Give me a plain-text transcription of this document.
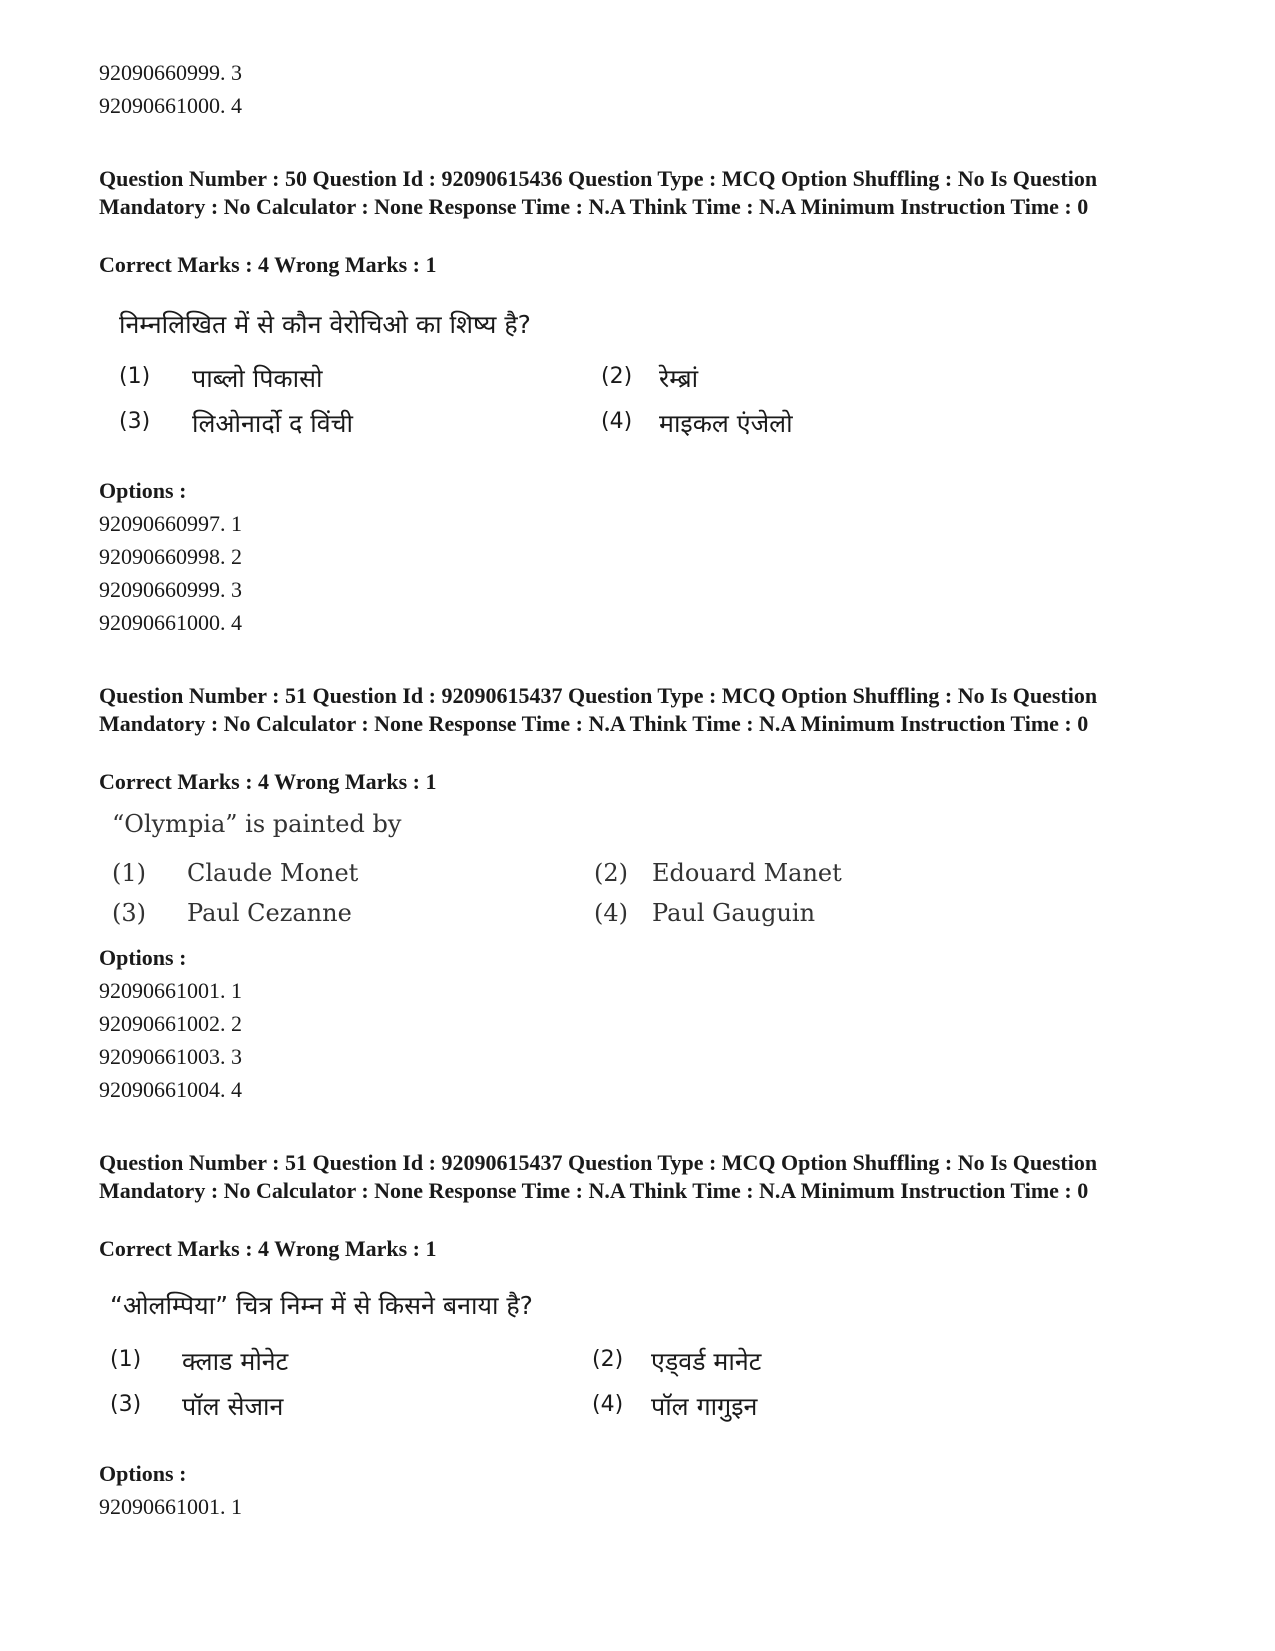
92090660999. 3
92090661000. 4
Question Number : 50 Question Id : 92090615436 Question Type : MCQ Option Shuffling : No Is Question Mandatory : No Calculator : None Response Time : N.A Think Time : N.A Minimum Instruction Time : 0
Correct Marks : 4 Wrong Marks : 1
निम्नलिखित में से कौन वेरोचिओ का शिष्य है?
(1) पाब्लो पिकासो	(2) रेम्ब्रां
(3) लिओनार्दो द विंची	(4) माइकल एंजेलो
Options :
92090660997. 1
92090660998. 2
92090660999. 3
92090661000. 4
Question Number : 51 Question Id : 92090615437 Question Type : MCQ Option Shuffling : No Is Question Mandatory : No Calculator : None Response Time : N.A Think Time : N.A Minimum Instruction Time : 0
Correct Marks : 4 Wrong Marks : 1
“Olympia” is painted by
(1) Claude Monet	(2) Edouard Manet
(3) Paul Cezanne	(4) Paul Gauguin
Options :
92090661001. 1
92090661002. 2
92090661003. 3
92090661004. 4
Question Number : 51 Question Id : 92090615437 Question Type : MCQ Option Shuffling : No Is Question Mandatory : No Calculator : None Response Time : N.A Think Time : N.A Minimum Instruction Time : 0
Correct Marks : 4 Wrong Marks : 1
“ओलम्पिया” चित्र निम्न में से किसने बनाया है?
(1) क्लाड मोनेट	(2) एड्वर्ड मानेट
(3) पॉल सेजान	(4) पॉल गागुइन
Options :
92090661001. 1
